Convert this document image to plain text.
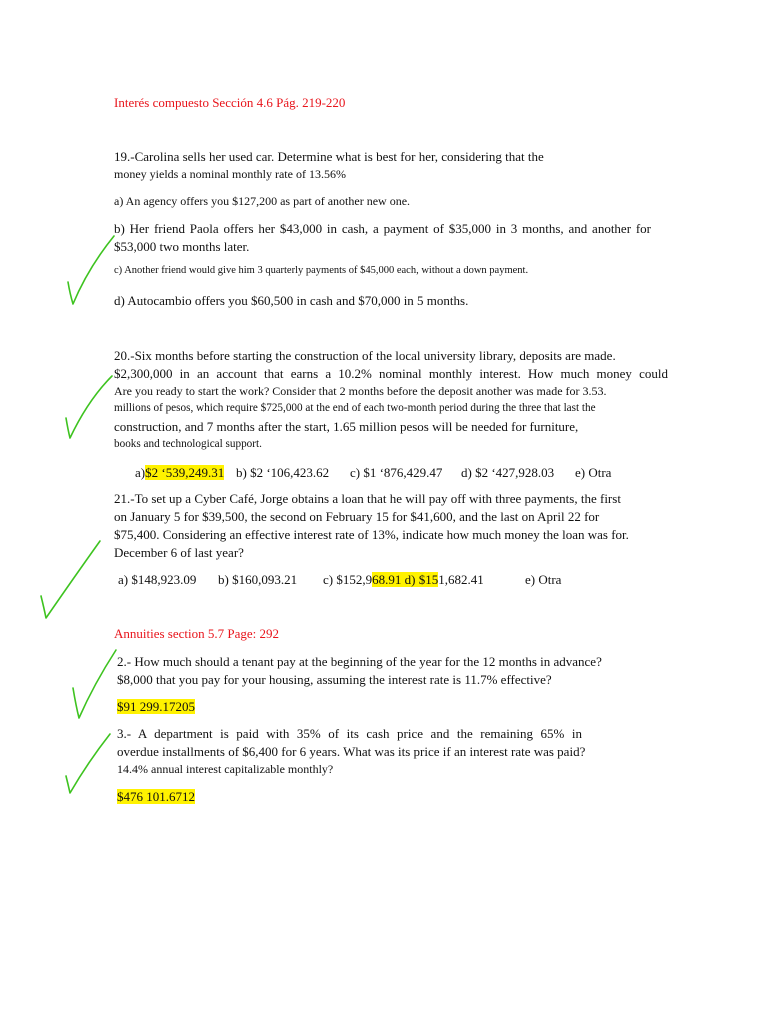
Interés compuesto Sección 4.6 Pág. 219-220
19.-Carolina sells her used car. Determine what is best for her, considering that the
money yields a nominal monthly rate of 13.56%
a) An agency offers you $127,200 as part of another new one.
b) Her friend Paola offers her $43,000 in cash, a payment of $35,000 in 3 months, and another for
$53,000 two months later.
c) Another friend would give him 3 quarterly payments of $45,000 each, without a down payment.
d) Autocambio offers you $60,500 in cash and $70,000 in 5 months.
20.-Six months before starting the construction of the local university library, deposits are made.
$2,300,000 in an account that earns a 10.2% nominal monthly interest. How much money could
Are you ready to start the work? Consider that 2 months before the deposit another was made for 3.53.
millions of pesos, which require $725,000 at the end of each two-month period during the three that last the
construction, and 7 months after the start, 1.65 million pesos will be needed for furniture,
books and technological support.
a)$2 ‘539,249.31 b) $2 ‘106,423.62 c) $1 ‘876,429.47 d) $2 ‘427,928.03 e) Otra
21.-To set up a Cyber Café, Jorge obtains a loan that he will pay off with three payments, the first
on January 5 for $39,500, the second on February 15 for $41,600, and the last on April 22 for
$75,400. Considering an effective interest rate of 13%, indicate how much money the loan was for.
December 6 of last year?
a) $148,923.09 b) $160,093.21 c) $152,968.91 d) $151,682.41	e) Otra
Annuities section 5.7 Page: 292
2.- How much should a tenant pay at the beginning of the year for the 12 months in advance?
$8,000 that you pay for your housing, assuming the interest rate is 11.7% effective?
$91 299.17205
3.- A department is paid with 35% of its cash price and the remaining 65% in
overdue installments of $6,400 for 6 years. What was its price if an interest rate was paid?
14.4% annual interest capitalizable monthly?
$476 101.6712
